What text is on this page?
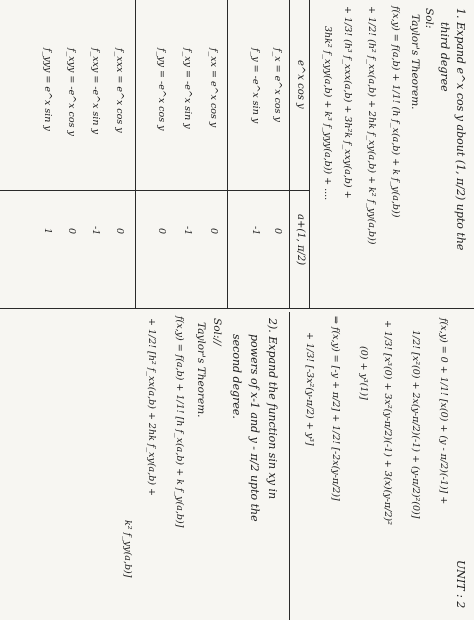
1. Expand e^x cos y about (1, π/2) upto the
third degree
Sol:
Taylor's Theorem.
f(x,y) = f(a,b) + 1/1! (h f_x(a,b) + k f_y(a,b))
+ 1/2! (h² f_xx(a,b) + 2hk f_xy(a,b) + k² f_yy(a,b))
+ 1/3! (h³ f_xxx(a,b) + 3h²k f_xxy(a,b) +
3hk² f_xyy(a,b) + k³ f_yyy(a,b)) + ....
e^x cos y
a+(1, π/2)
f_x = e^x cos y
0
f_y = -e^x sin y
-1
f_xx = e^x cos y
0
f_xy = -e^x sin y
-1
f_yy = -e^x cos y
0
f_xxx = e^x cos y
0
f_xxy = -e^x sin y
-1
f_xyy = -e^x cos y
0
f_yyy = e^x sin y
1
UNIT : 2
f(x,y) = 0 + 1/1! [x(0) + (y - π/2)(-1)] +
1/2! [x²(0) + 2x(y-π/2)(-1) + (y-π/2)²(0)]
+ 1/3! [x³(0) + 3x²(y-π/2)(-1) + 3(x)(y-π/2)²
(0) + y³(1)]
⇒ f(x,y) = [-y + π/2] + 1/2! [-2x(y-π/2)]
+ 1/3! [-3x²(y-π/2) + y³]
2). Expand the function sin xy in
powers of x-1 and y - π/2 upto the
second degree.
Sol://
Taylor's Theorem.
f(x,y) = f(a,b) + 1/1! [h f_x(a,b) + k f_y(a,b)]
+ 1/2! [h² f_xx(a,b) + 2hk f_xy(a,b) +
k² f_yy(a,b)]
